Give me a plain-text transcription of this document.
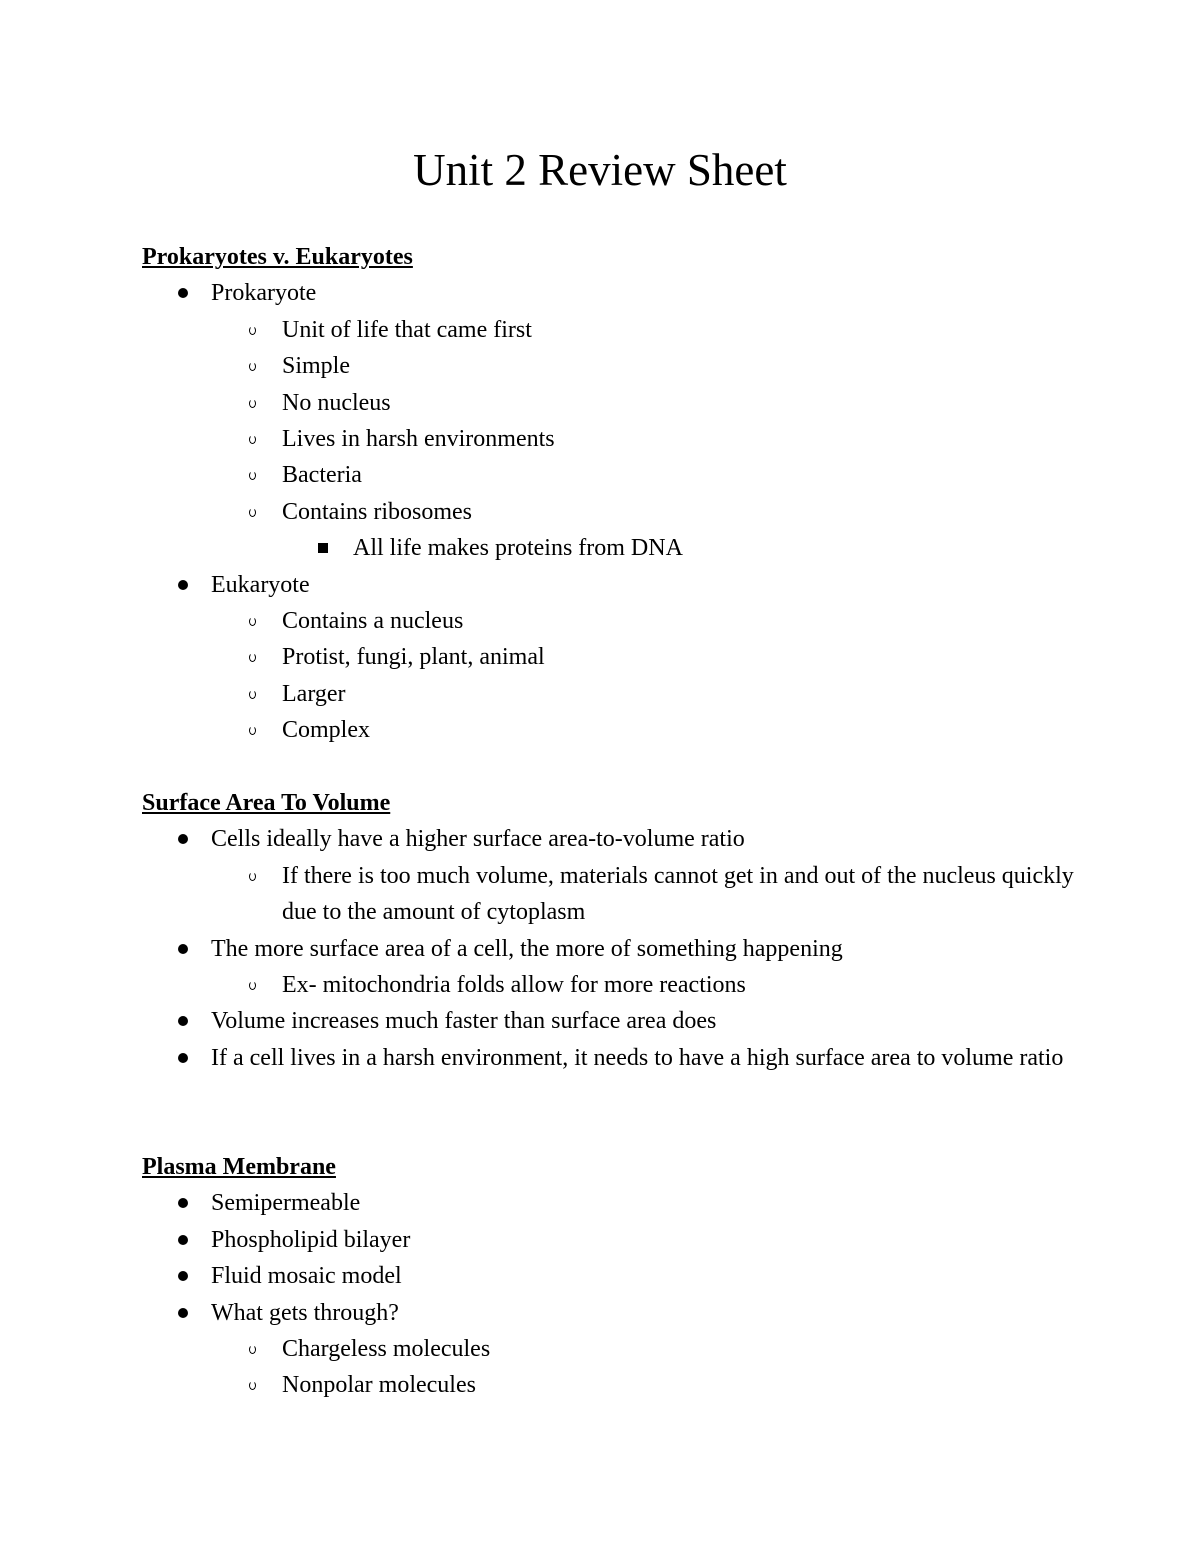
Unit 2 Review Sheet
Prokaryotes v. Eukaryotes
Prokaryote
Unit of life that came first
Simple
No nucleus
Lives in harsh environments
Bacteria
Contains ribosomes
All life makes proteins from DNA
Eukaryote
Contains a nucleus
Protist, fungi, plant, animal
Larger
Complex
Surface Area To Volume
Cells ideally have a higher surface area-to-volume ratio
If there is too much volume, materials cannot get in and out of the nucleus quickly due to the amount of cytoplasm
The more surface area of a cell, the more of something happening
Ex- mitochondria folds allow for more reactions
Volume increases much faster than surface area does
If a cell lives in a harsh environment, it needs to have a high surface area to volume ratio
Plasma Membrane
Semipermeable
Phospholipid bilayer
Fluid mosaic model
What gets through?
Chargeless molecules
Nonpolar molecules
